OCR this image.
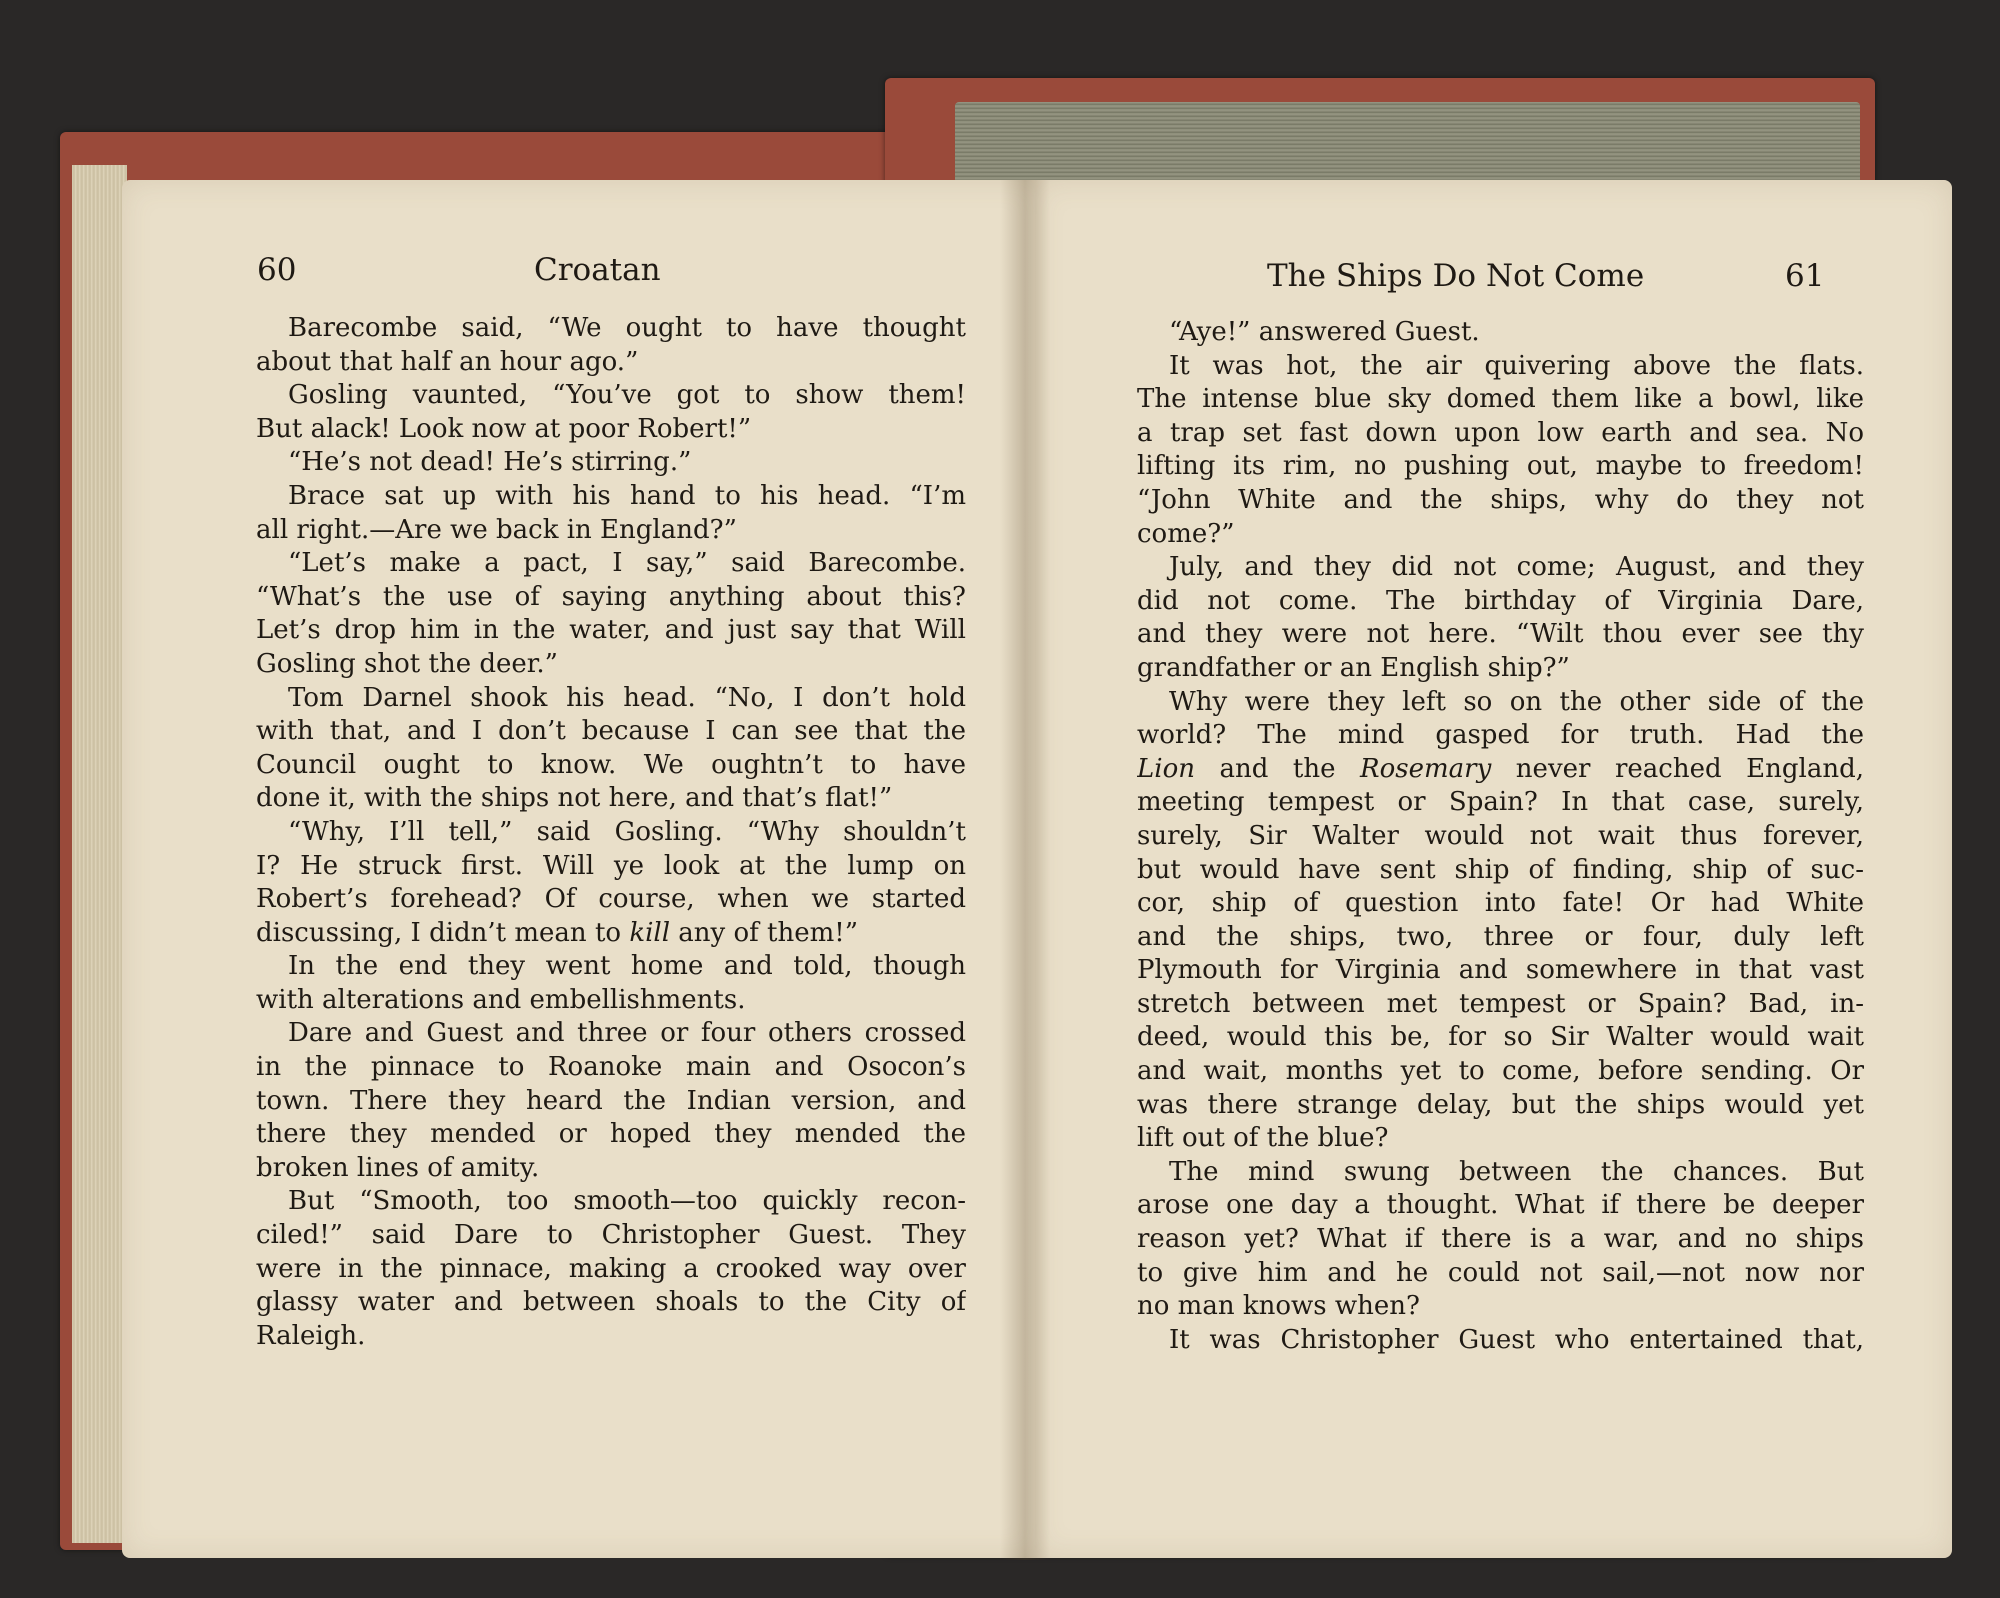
60	Croatan
Barecombe said, “We ought to have thought
about that half an hour ago.”
Gosling vaunted, “You’ve got to show them!
But alack! Look now at poor Robert!”
“He’s not dead! He’s stirring.”
Brace sat up with his hand to his head. “I’m
all right.—Are we back in England?”
“Let’s make a pact, I say,” said Barecombe.
“What’s the use of saying anything about this?
Let’s drop him in the water, and just say that Will
Gosling shot the deer.”
Tom Darnel shook his head. “No, I don’t hold
with that, and I don’t because I can see that the
Council ought to know. We oughtn’t to have
done it, with the ships not here, and that’s flat!”
“Why, I’ll tell,” said Gosling. “Why shouldn’t
I? He struck first. Will ye look at the lump on
Robert’s forehead? Of course, when we started
discussing, I didn’t mean to kill any of them!”
In the end they went home and told, though
with alterations and embellishments.
Dare and Guest and three or four others crossed
in the pinnace to Roanoke main and Osocon’s
town. There they heard the Indian version, and
there they mended or hoped they mended the
broken lines of amity.
But “Smooth, too smooth—too quickly recon-
ciled!” said Dare to Christopher Guest. They
were in the pinnace, making a crooked way over
glassy water and between shoals to the City of
Raleigh.
The Ships Do Not Come	61
“Aye!” answered Guest.
It was hot, the air quivering above the flats.
The intense blue sky domed them like a bowl, like
a trap set fast down upon low earth and sea. No
lifting its rim, no pushing out, maybe to freedom!
“John White and the ships, why do they not
come?”
July, and they did not come; August, and they
did not come. The birthday of Virginia Dare,
and they were not here. “Wilt thou ever see thy
grandfather or an English ship?”
Why were they left so on the other side of the
world? The mind gasped for truth. Had the
Lion and the Rosemary never reached England,
meeting tempest or Spain? In that case, surely,
surely, Sir Walter would not wait thus forever,
but would have sent ship of finding, ship of suc-
cor, ship of question into fate! Or had White
and the ships, two, three or four, duly left
Plymouth for Virginia and somewhere in that vast
stretch between met tempest or Spain? Bad, in-
deed, would this be, for so Sir Walter would wait
and wait, months yet to come, before sending. Or
was there strange delay, but the ships would yet
lift out of the blue?
The mind swung between the chances. But
arose one day a thought. What if there be deeper
reason yet? What if there is a war, and no ships
to give him and he could not sail,—not now nor
no man knows when?
It was Christopher Guest who entertained that,
